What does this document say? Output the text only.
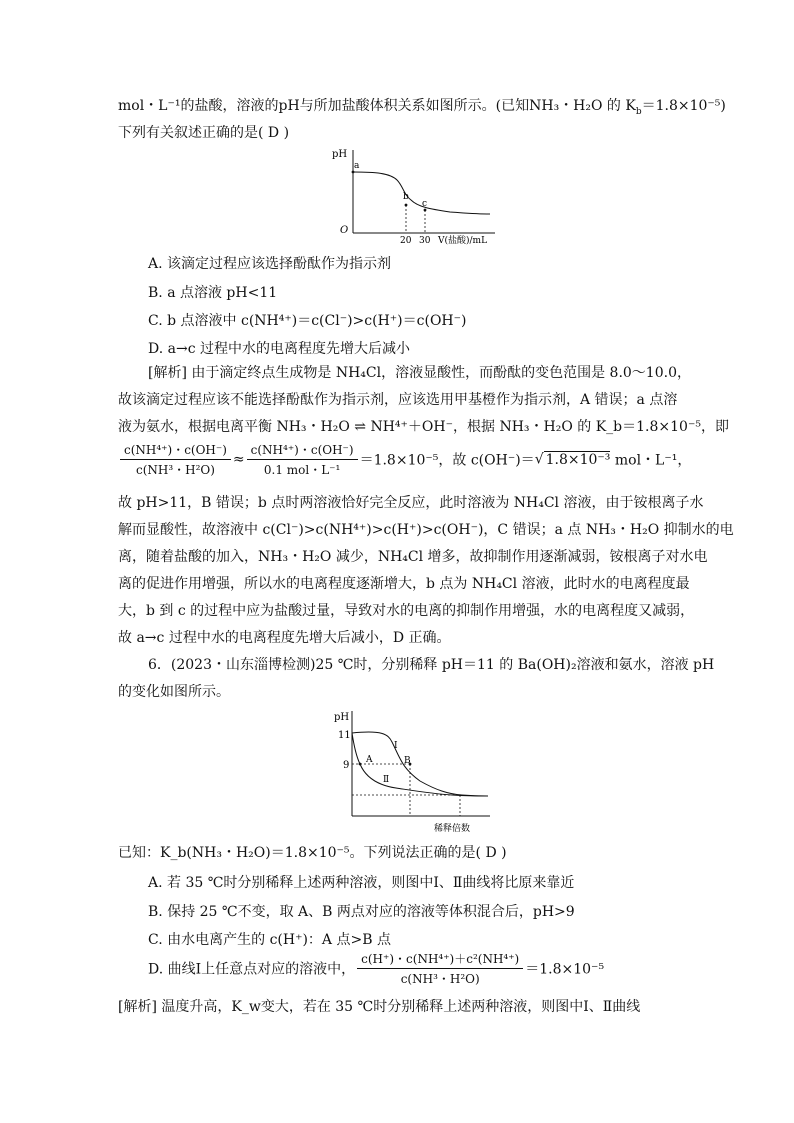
mol・L⁻¹的盐酸，溶液的pH与所加盐酸体积关系如图所示。(已知NH₃・H₂O 的 $K_b=1.8\times 10^{-5}$)
下列有关叙述正确的是( D )
pH
O
a
b
c
20 30 V(盐酸)/mL
A. 该滴定过程应该选择酚酞作为指示剂
B. a 点溶液 pH<11
C. b 点溶液中 c(NH⁴⁺)＝c(Cl⁻)>c(H⁺)＝c(OH⁻)
D. a→c 过程中水的电离程度先增大后减小
[解析] 由于滴定终点生成物是 NH₄Cl，溶液显酸性，而酚酞的变色范围是 8.0～10.0，
故该滴定过程应该不能选择酚酞作为指示剂，应该选用甲基橙作为指示剂，A 错误；a 点溶
液为氨水，根据电离平衡 NH₃・H₂O ⇌ NH⁴⁺＋OH⁻，根据 NH₃・H₂O 的 K_b＝1.8×10⁻⁵，即
$\frac{\text{c(NH⁴⁺)・c(OH⁻)}}{\text{c(NH³・H²O)}} \approx \frac{\text{c(NH⁴⁺)・c(OH⁻)}}{\text{0.1 mol・L⁻¹}} =1.8\times 10^{-5}$，故 c(OH⁻)＝√ 1.8×10⁻³ mol・L⁻¹，
故 pH>11，B 错误；b 点时两溶液恰好完全反应，此时溶液为 NH₄Cl 溶液，由于铵根离子水
解而显酸性，故溶液中 c(Cl⁻)>c(NH⁴⁺)>c(H⁺)>c(OH⁻)，C 错误；a 点 NH₃・H₂O 抑制水的电
离，随着盐酸的加入，NH₃・H₂O 减少，NH₄Cl 增多，故抑制作用逐渐减弱，铵根离子对水电
离的促进作用增强，所以水的电离程度逐渐增大，b 点为 NH₄Cl 溶液，此时水的电离程度最
大，b 到 c 的过程中应为盐酸过量，导致对水的电离的抑制作用增强，水的电离程度又减弱，
故 a→c 过程中水的电离程度先增大后减小，D 正确。
6．(2023・山东淄博检测)25 ℃时，分别稀释 pH＝11 的 Ba(OH)₂溶液和氨水，溶液 pH
的变化如图所示。
pH
11
9 A	B
Ⅰ
Ⅱ
稀释倍数
已知：K_b(NH₃・H₂O)＝1.8×10⁻⁵。下列说法正确的是( D )
A. 若 35 ℃时分别稀释上述两种溶液，则图中Ⅰ、Ⅱ曲线将比原来靠近
B. 保持 25 ℃不变，取 A、B 两点对应的溶液等体积混合后，pH>9
C. 由水电离产生的 c(H⁺)：A 点>B 点
D. 曲线Ⅰ上任意点对应的溶液中， $\frac{\text{c(H⁺)・c(NH⁴⁺)＋c²(NH⁴⁺)}}{\text{c(NH³・H²O)}} =1.8\times 10^{-5}$
[解析] 温度升高，K_w变大，若在 35 ℃时分别稀释上述两种溶液，则图中Ⅰ、Ⅱ曲线
